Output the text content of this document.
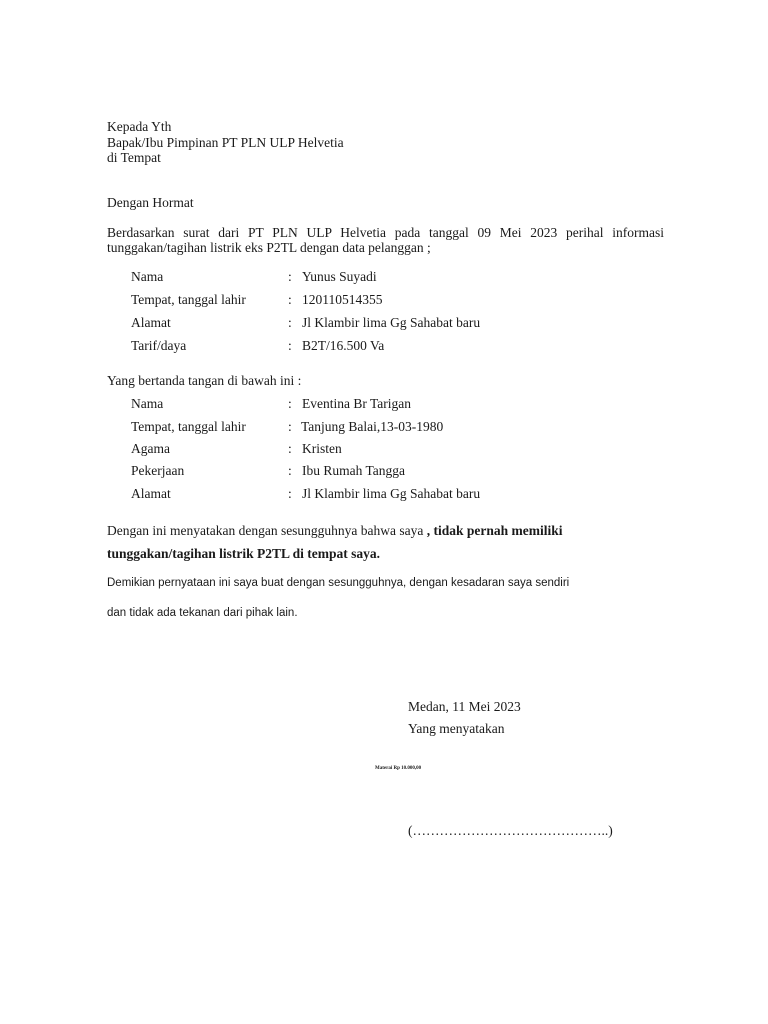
Kepada Yth
Bapak/Ibu Pimpinan PT PLN ULP Helvetia
di Tempat
Dengan Hormat
Berdasarkan surat dari PT PLN ULP Helvetia pada tanggal 09 Mei 2023 perihal informasi
tunggakan/tagihan listrik eks P2TL dengan data pelanggan ;
Nama	: Yunus Suyadi
Tempat, tanggal lahir	: 120110514355
Alamat	: Jl Klambir lima Gg Sahabat baru
Tarif/daya	: B2T/16.500 Va
Yang bertanda tangan di bawah ini :
Nama	: Eventina Br Tarigan
Tempat, tanggal lahir	: Tanjung Balai,13-03-1980
Agama	: Kristen
Pekerjaan	: Ibu Rumah Tangga
Alamat	: Jl Klambir lima Gg Sahabat baru
Dengan ini menyatakan dengan sesungguhnya bahwa saya , tidak pernah memiliki
tunggakan/tagihan listrik P2TL di tempat saya.
Demikian pernyataan ini saya buat dengan sesungguhnya, dengan kesadaran saya sendiri
dan tidak ada tekanan dari pihak lain.
Medan, 11 Mei 2023
Yang menyatakan
Materai Rp 10.000,00
(……………………………………..)
